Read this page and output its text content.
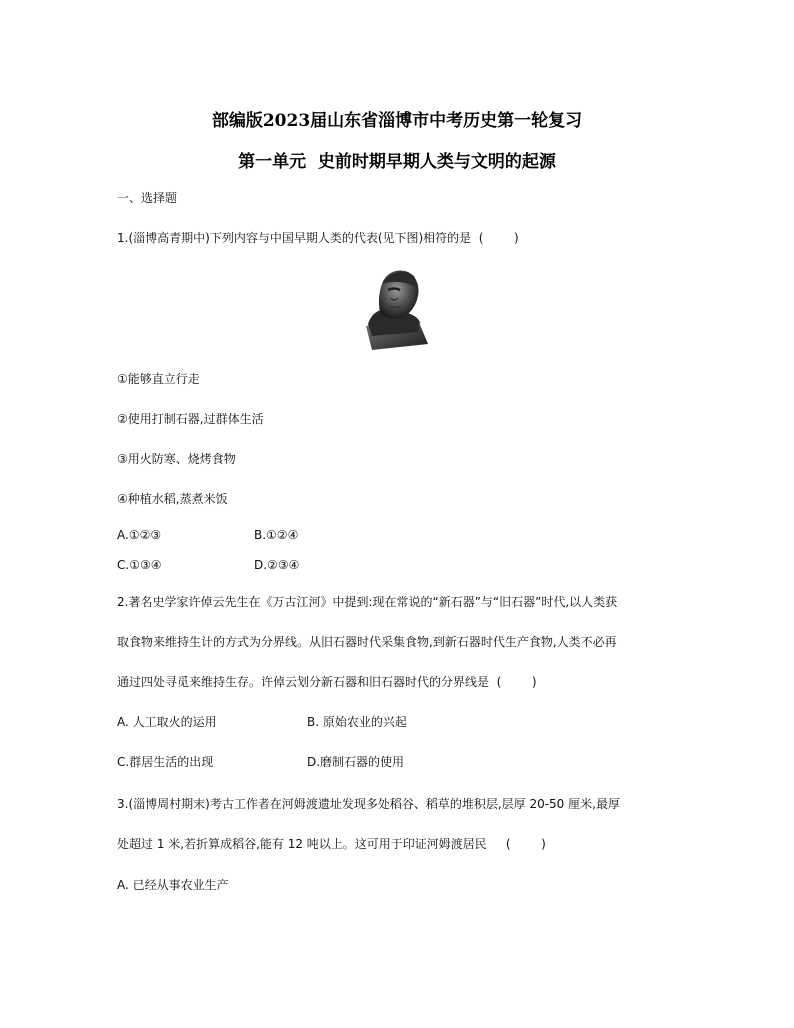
部编版2023届山东省淄博市中考历史第一轮复习
第一单元  史前时期早期人类与文明的起源
一、选择题
1.(淄博高青期中)下列内容与中国早期人类的代表(见下图)相符的是  (        )
①能够直立行走
②使用打制石器,过群体生活
③用火防寒、烧烤食物
④种植水稻,蒸煮米饭
A.①②③	B.①②④
C.①③④	D.②③④
2.著名史学家许倬云先生在《万古江河》中提到:现在常说的“新石器”与“旧石器”时代,以人类获
取食物来维持生计的方式为分界线。从旧石器时代采集食物,到新石器时代生产食物,人类不必再
通过四处寻觅来维持生存。许倬云划分新石器和旧石器时代的分界线是  (        )
A. 人工取火的运用	B. 原始农业的兴起
C.群居生活的出现	D.磨制石器的使用
3.(淄博周村期末)考古工作者在河姆渡遗址发现多处稻谷、稻草的堆积层,层厚 20-50 厘米,最厚
处超过 1 米,若折算成稻谷,能有 12 吨以上。这可用于印证河姆渡居民     (        )
A. 已经从事农业生产
